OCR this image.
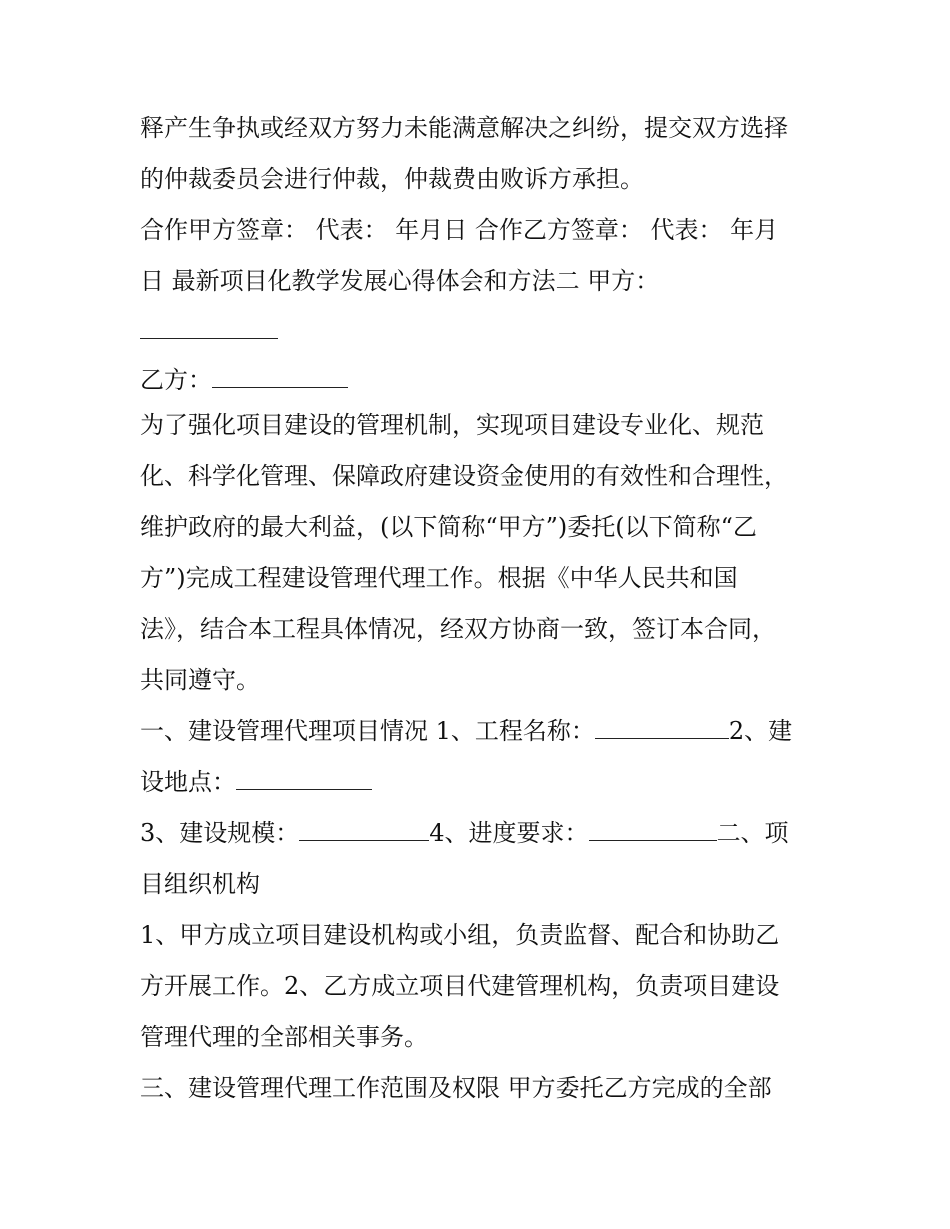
释产生争执或经双方努力未能满意解决之纠纷，提交双方选择
的仲裁委员会进行仲裁，仲裁费由败诉方承担。
合作甲方签章： 代表： 年月日 合作乙方签章： 代表： 年月
日 最新项目化教学发展心得体会和方法二 甲方：
乙方：
为了强化项目建设的管理机制，实现项目建设专业化、规范
化、科学化管理、保障政府建设资金使用的有效性和合理性，
维护政府的最大利益，(以下简称“甲方”)委托(以下简称“乙
方”)完成工程建设管理代理工作。根据《中华人民共和国
法》，结合本工程具体情况，经双方协商一致，签订本合同，
共同遵守。
一、建设管理代理项目情况 1、工程名称：	2、建
设地点：
3、建设规模：	4、进度要求：	二、项
目组织机构
1、甲方成立项目建设机构或小组，负责监督、配合和协助乙
方开展工作。2、乙方成立项目代建管理机构，负责项目建设
管理代理的全部相关事务。
三、建设管理代理工作范围及权限 甲方委托乙方完成的全部
